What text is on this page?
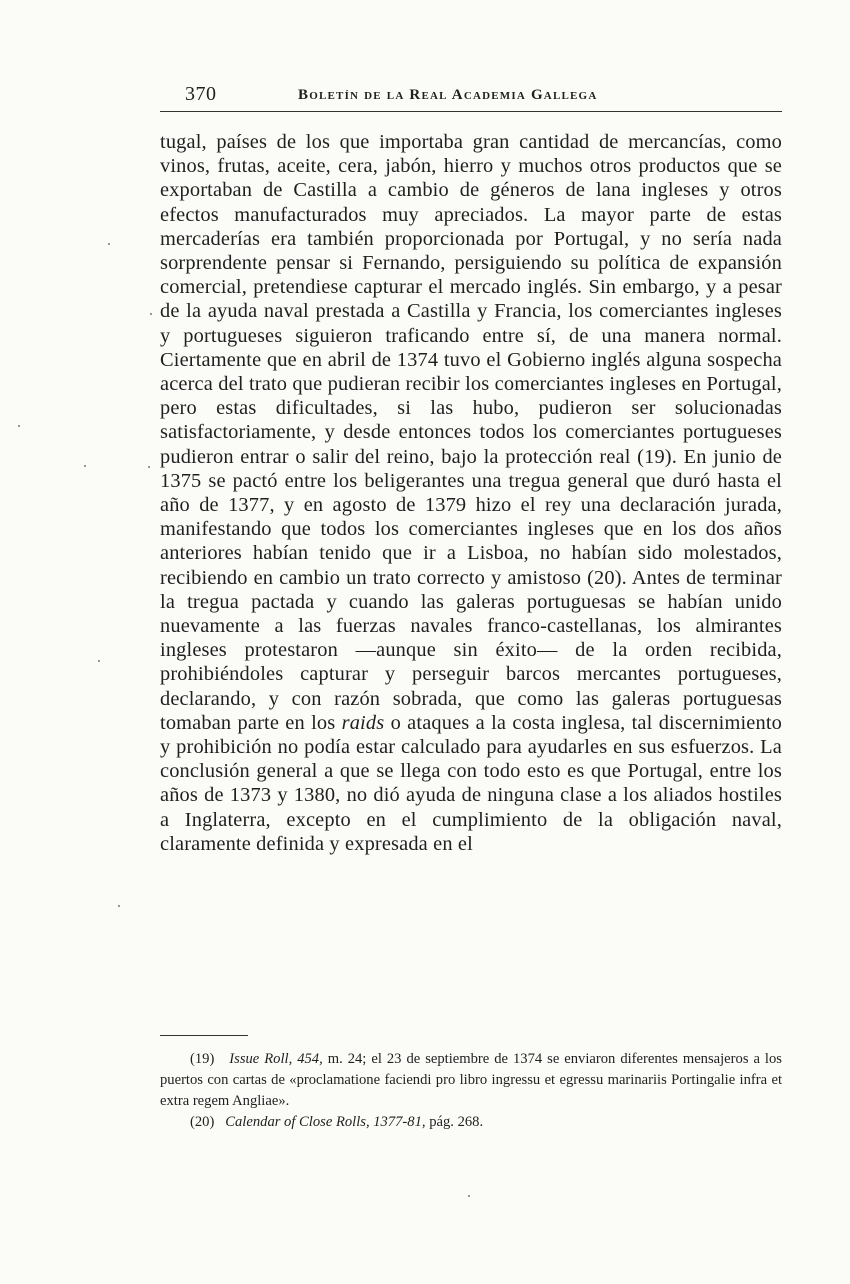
370	Boletín de la Real Academia Gallega

tugal, países de los que importaba gran cantidad de mercancías, como vinos, frutas, aceite, cera, jabón, hierro y muchos otros productos que se exportaban de Castilla a cambio de géneros de lana ingleses y otros efectos manufacturados muy apreciados. La mayor parte de estas mercaderías era también proporcionada por Portugal, y no sería nada sorprendente pensar si Fernando, persiguiendo su política de expansión comercial, pretendiese capturar el mercado inglés. Sin embargo, y a pesar de la ayuda naval prestada a Castilla y Francia, los comerciantes ingleses y portugueses siguieron traficando entre sí, de una manera normal. Ciertamente que en abril de 1374 tuvo el Gobierno inglés alguna sospecha acerca del trato que pudieran recibir los comerciantes ingleses en Portugal, pero estas dificultades, si las hubo, pudieron ser solucionadas satisfactoriamente, y desde entonces todos los comerciantes portugueses pudieron entrar o salir del reino, bajo la protección real (19). En junio de 1375 se pactó entre los beligerantes una tregua general que duró hasta el año de 1377, y en agosto de 1379 hizo el rey una declaración jurada, manifestando que todos los comerciantes ingleses que en los dos años anteriores habían tenido que ir a Lisboa, no habían sido molestados, recibiendo en cambio un trato correcto y amistoso (20). Antes de terminar la tregua pactada y cuando las galeras portuguesas se habían unido nuevamente a las fuerzas navales franco-castellanas, los almirantes ingleses protestaron —aunque sin éxito— de la orden recibida, prohibiéndoles capturar y perseguir barcos mercantes portugueses, declarando, y con razón sobrada, que como las galeras portuguesas tomaban parte en los raids o ataques a la costa inglesa, tal discernimiento y prohibición no podía estar calculado para ayudarles en sus esfuerzos. La conclusión general a que se llega con todo esto es que Portugal, entre los años de 1373 y 1380, no dió ayuda de ninguna clase a los aliados hostiles a Inglaterra, excepto en el cumplimiento de la obligación naval, claramente definida y expresada en el

(19) Issue Roll, 454, m. 24; el 23 de septiembre de 1374 se enviaron diferentes mensajeros a los puertos con cartas de «proclamatione faciendi pro libro ingressu et egressu marinariis Portingalie infra et extra regem Angliae».

(20) Calendar of Close Rolls, 1377-81, pág. 268.
